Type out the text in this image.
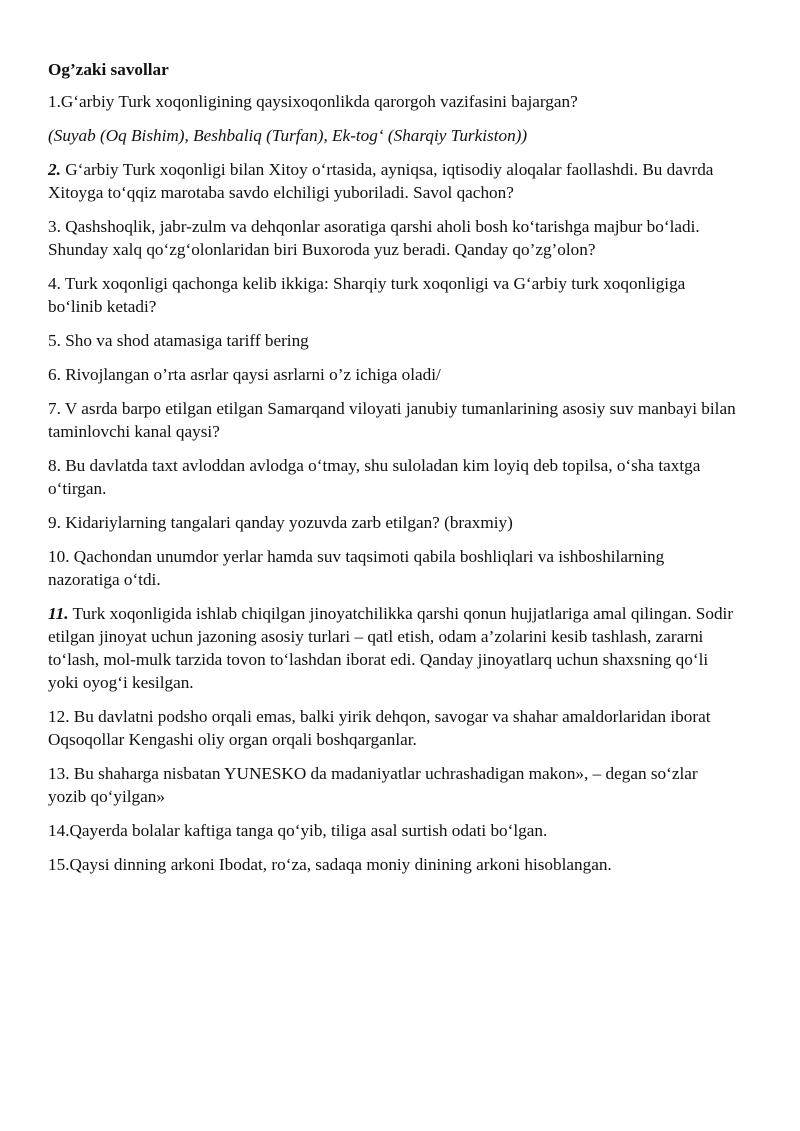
Og’zaki savollar

1.G‘arbiy Turk xoqonligining qaysixoqonlikda qarorgoh vazifasini bajargan?

(Suyab (Oq Bishim), Beshbaliq (Turfan), Ek-tog‘ (Sharqiy Turkiston))

2. G‘arbiy Turk xoqonligi bilan Xitoy o‘rtasida, ayniqsa, iqtisodiy aloqalar faollashdi. Bu davrda Xitoyga to‘qqiz marotaba savdo elchiligi yuboriladi. Savol qachon?

3. Qashshoqlik, jabr-zulm va dehqonlar asoratiga qarshi aholi bosh ko‘tarishga majbur bo‘ladi. Shunday xalq qo‘zg‘olonlaridan biri Buxoroda yuz beradi. Qanday qo’zg’olon?

4. Turk xoqonligi qachonga kelib ikkiga: Sharqiy turk xoqonligi va G‘arbiy turk xoqonligiga bo‘linib ketadi?

5. Sho va shod atamasiga tariff bering

6. Rivojlangan o’rta asrlar qaysi asrlarni o’z ichiga oladi/

7. V asrda barpo etilgan etilgan Samarqand viloyati janubiy tumanlarining asosiy suv manbayi bilan taminlovchi kanal qaysi?

8. Bu davlatda taxt avloddan avlodga o‘tmay, shu suloladan kim loyiq deb topilsa, o‘sha taxtga o‘tirgan.

9. Kidariylarning tangalari qanday yozuvda zarb etilgan? (braxmiy)

10. Qachondan unumdor yerlar hamda suv taqsimoti qabila boshliqlari va ishboshilarning nazoratiga o‘tdi.

11. Turk xoqonligida ishlab chiqilgan jinoyatchilikka qarshi qonun hujjatlariga amal qilingan. Sodir etilgan jinoyat uchun jazoning asosiy turlari – qatl etish, odam a’zolarini kesib tashlash, zararni to‘lash, mol-mulk tarzida tovon to‘lashdan iborat edi. Qanday jinoyatlarq uchun shaxsning qo‘li yoki oyog‘i kesilgan.

12. Bu davlatni podsho orqali emas, balki yirik dehqon, savogar va shahar amaldorlaridan iborat Oqsoqollar Kengashi oliy organ orqali boshqarganlar.

13. Bu shaharga nisbatan YUNESKO da madaniyatlar uchrashadigan makon», – degan so‘zlar yozib qo‘yilgan»

14.Qayerda bolalar kaftiga tanga qo‘yib, tiliga asal surtish odati bo‘lgan.

15.Qaysi dinning arkoni Ibodat, ro‘za, sadaqa moniy dinining arkoni hisoblangan.
